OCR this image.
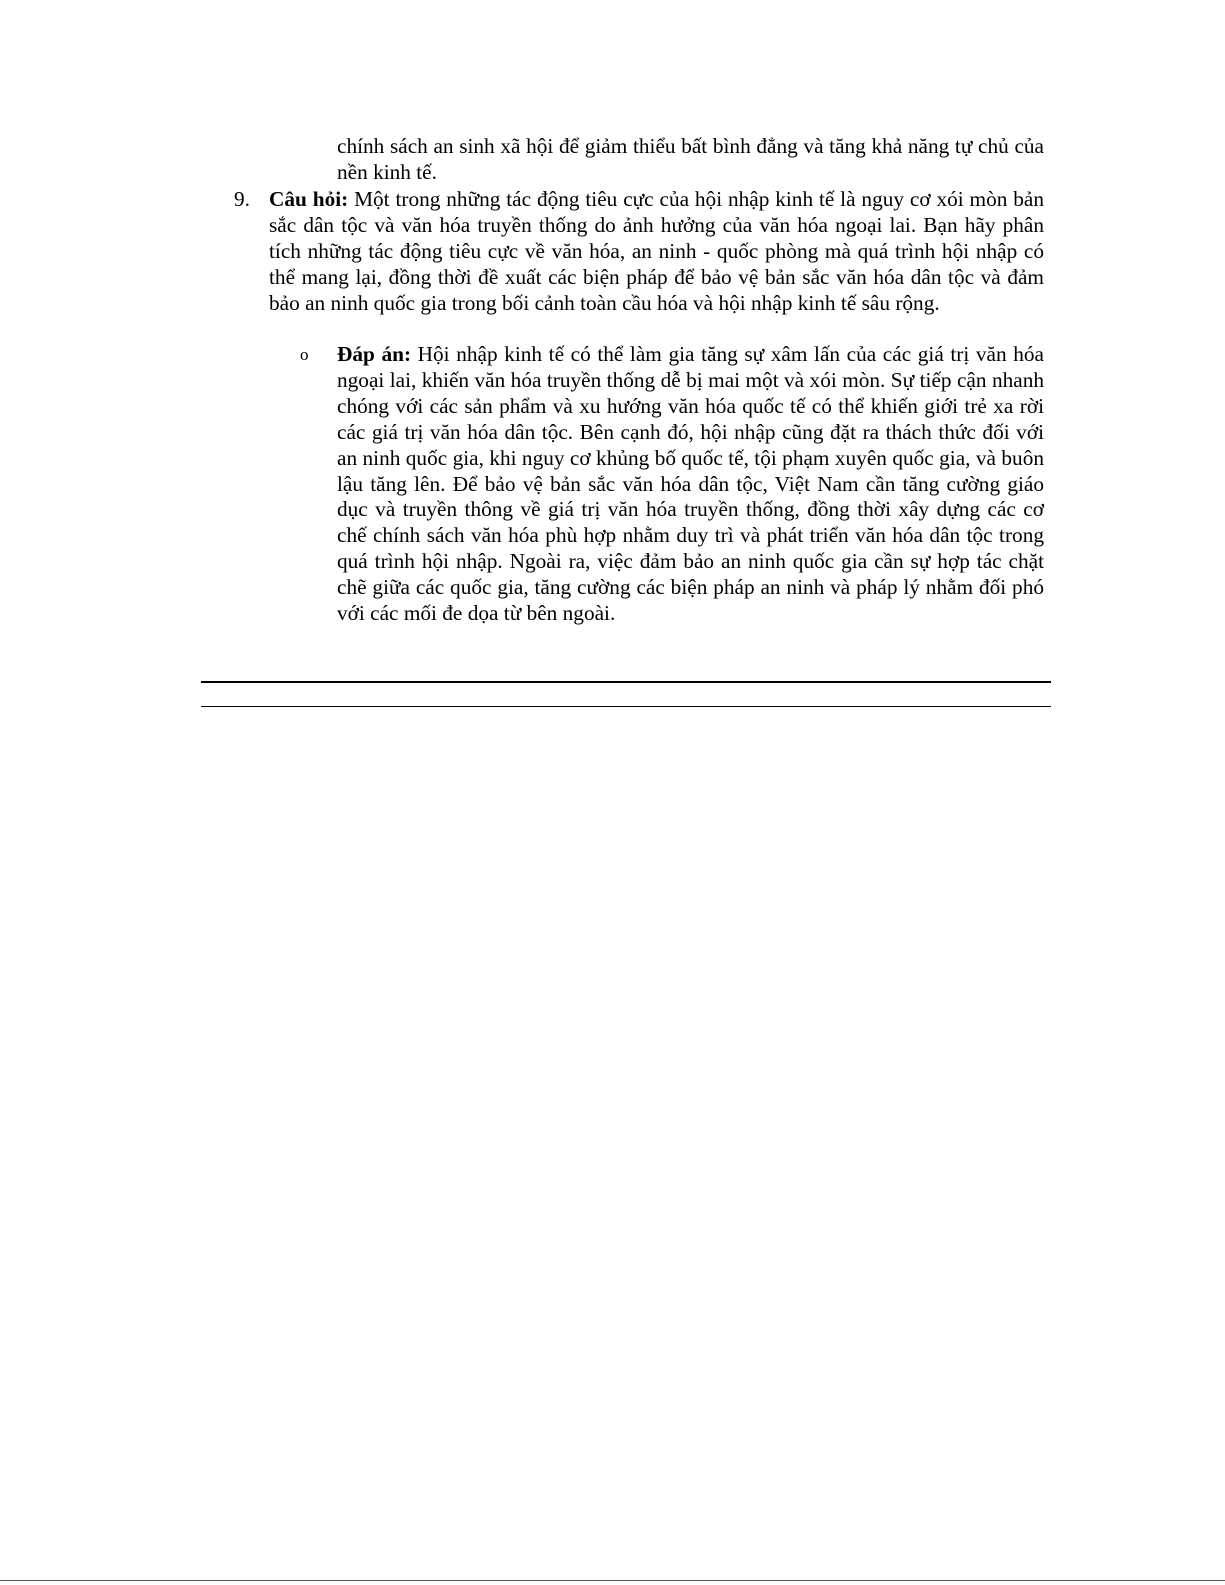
chính sách an sinh xã hội để giảm thiểu bất bình đẳng và tăng khả năng tự chủ của nền kinh tế.
9. Câu hỏi: Một trong những tác động tiêu cực của hội nhập kinh tế là nguy cơ xói mòn bản sắc dân tộc và văn hóa truyền thống do ảnh hưởng của văn hóa ngoại lai. Bạn hãy phân tích những tác động tiêu cực về văn hóa, an ninh - quốc phòng mà quá trình hội nhập có thể mang lại, đồng thời đề xuất các biện pháp để bảo vệ bản sắc văn hóa dân tộc và đảm bảo an ninh quốc gia trong bối cảnh toàn cầu hóa và hội nhập kinh tế sâu rộng.
o Đáp án: Hội nhập kinh tế có thể làm gia tăng sự xâm lấn của các giá trị văn hóa ngoại lai, khiến văn hóa truyền thống dễ bị mai một và xói mòn. Sự tiếp cận nhanh chóng với các sản phẩm và xu hướng văn hóa quốc tế có thể khiến giới trẻ xa rời các giá trị văn hóa dân tộc. Bên cạnh đó, hội nhập cũng đặt ra thách thức đối với an ninh quốc gia, khi nguy cơ khủng bố quốc tế, tội phạm xuyên quốc gia, và buôn lậu tăng lên. Để bảo vệ bản sắc văn hóa dân tộc, Việt Nam cần tăng cường giáo dục và truyền thông về giá trị văn hóa truyền thống, đồng thời xây dựng các cơ chế chính sách văn hóa phù hợp nhằm duy trì và phát triển văn hóa dân tộc trong quá trình hội nhập. Ngoài ra, việc đảm bảo an ninh quốc gia cần sự hợp tác chặt chẽ giữa các quốc gia, tăng cường các biện pháp an ninh và pháp lý nhằm đối phó với các mối đe dọa từ bên ngoài.
